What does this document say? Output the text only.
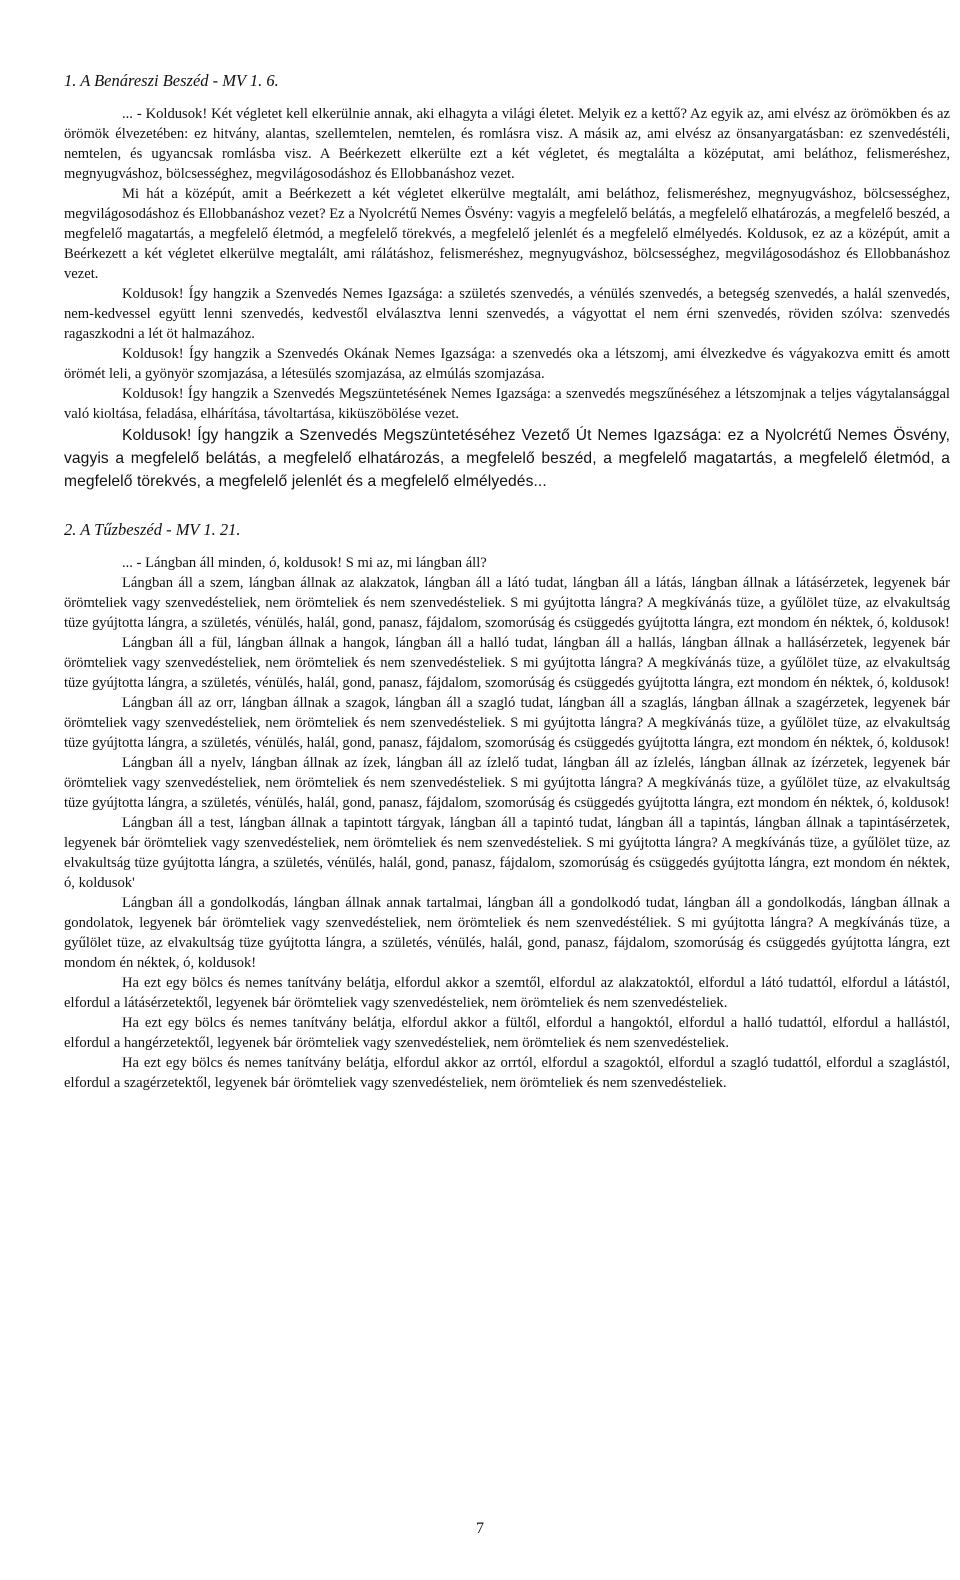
1. A Benáreszi Beszéd - MV 1. 6.

... - Koldusok! Két végletet kell elkerülnie annak, aki elhagyta a világi életet. Melyik ez a kettő? Az egyik az, ami elvész az örömökben és az örömök élvezetében: ez hitvány, alantas, szellemtelen, nemtelen, és romlásra visz. A másik az, ami elvész az önsanyargatásban: ez szenvedéstéli, nemtelen, és ugyancsak romlásba visz. A Beérkezett elkerülte ezt a két végletet, és megtalálta a középutat, ami beláthoz, felismeréshez, megnyugváshoz, bölcsességhez, megvilágosodáshoz és Ellobbanáshoz vezet.

Mi hát a középút, amit a Beérkezett a két végletet elkerülve megtalált, ami beláthoz, felismeréshez, megnyugváshoz, bölcsességhez, megvilágosodáshoz és Ellobbanáshoz vezet? Ez a Nyolcrétű Nemes Ösvény: vagyis a megfelelő belátás, a megfelelő elhatározás, a megfelelő beszéd, a megfelelő magatartás, a megfelelő életmód, a megfelelő törekvés, a megfelelő jelenlét és a megfelelő elmélyedés. Koldusok, ez az a középút, amit a Beérkezett a két végletet elkerülve megtalált, ami rálátáshoz, felismeréshez, megnyugváshoz, bölcsességhez, megvilágosodáshoz és Ellobbanáshoz vezet.

Koldusok! Így hangzik a Szenvedés Nemes Igazsága: a születés szenvedés, a vénülés szenvedés, a betegség szenvedés, a halál szenvedés, nem-kedvessel együtt lenni szenvedés, kedvestől elválasztva lenni szenvedés, a vágyottat el nem érni szenvedés, röviden szólva: szenvedés ragaszkodni a lét öt halmazához.

Koldusok! Így hangzik a Szenvedés Okának Nemes Igazsága: a szenvedés oka a létszomj, ami élvezkedve és vágyakozva emitt és amott örömét leli, a gyönyör szomjazása, a létesülés szomjazása, az elmúlás szomjazása.

Koldusok! Így hangzik a Szenvedés Megszüntetésének Nemes Igazsága: a szenvedés megszűnéséhez a létszomjnak a teljes vágytalansággal való kioltása, feladása, elhárítása, távoltartása, kiküszöbölése vezet.

Koldusok! Így hangzik a Szenvedés Megszüntetéséhez Vezető Út Nemes Igazsága: ez a Nyolcrétű Nemes Ösvény, vagyis a megfelelő belátás, a megfelelő elhatározás, a megfelelő beszéd, a megfelelő magatartás, a megfelelő életmód, a megfelelő törekvés, a megfelelő jelenlét és a megfelelő elmélyedés...

2. A Tűzbeszéd - MV 1. 21.

... - Lángban áll minden, ó, koldusok! S mi az, mi lángban áll?

Lángban áll a szem, lángban állnak az alakzatok, lángban áll a látó tudat, lángban áll a látás, lángban állnak a látásérzetek, legyenek bár örömteliek vagy szenvedésteliek, nem örömteliek és nem szenvedésteliek. S mi gyújtotta lángra? A megkívánás tüze, a gyűlölet tüze, az elvakultság tüze gyújtotta lángra, a születés, vénülés, halál, gond, panasz, fájdalom, szomorúság és csüggedés gyújtotta lángra, ezt mondom én néktek, ó, koldusok!

Lángban áll a fül, lángban állnak a hangok, lángban áll a halló tudat, lángban áll a hallás, lángban állnak a hallásérzetek, legyenek bár örömteliek vagy szenvedésteliek, nem örömteliek és nem szenvedésteliek. S mi gyújtotta lángra? A megkívánás tüze, a gyűlölet tüze, az elvakultság tüze gyújtotta lángra, a születés, vénülés, halál, gond, panasz, fájdalom, szomorúság és csüggedés gyújtotta lángra, ezt mondom én néktek, ó, koldusok!

Lángban áll az orr, lángban állnak a szagok, lángban áll a szagló tudat, lángban áll a szaglás, lángban állnak a szagérzetek, legyenek bár örömteliek vagy szenvedésteliek, nem örömteliek és nem szenvedésteliek. S mi gyújtotta lángra? A megkívánás tüze, a gyűlölet tüze, az elvakultság tüze gyújtotta lángra, a születés, vénülés, halál, gond, panasz, fájdalom, szomorúság és csüggedés gyújtotta lángra, ezt mondom én néktek, ó, koldusok!

Lángban áll a nyelv, lángban állnak az ízek, lángban áll az ízlelő tudat, lángban áll az ízlelés, lángban állnak az ízérzetek, legyenek bár örömteliek vagy szenvedésteliek, nem örömteliek és nem szenvedésteliek. S mi gyújtotta lángra? A megkívánás tüze, a gyűlölet tüze, az elvakultság tüze gyújtotta lángra, a születés, vénülés, halál, gond, panasz, fájdalom, szomorúság és csüggedés gyújtotta lángra, ezt mondom én néktek, ó, koldusok!

Lángban áll a test, lángban állnak a tapintott tárgyak, lángban áll a tapintó tudat, lángban áll a tapintás, lángban állnak a tapintásérzetek, legyenek bár örömteliek vagy szenvedésteliek, nem örömteliek és nem szenvedésteliek. S mi gyújtotta lángra? A megkívánás tüze, a gyűlölet tüze, az elvakultság tüze gyújtotta lángra, a születés, vénülés, halál, gond, panasz, fájdalom, szomorúság és csüggedés gyújtotta lángra, ezt mondom én néktek, ó, koldusok'

Lángban áll a gondolkodás, lángban állnak annak tartalmai, lángban áll a gondolkodó tudat, lángban áll a gondolkodás, lángban állnak a gondolatok, legyenek bár örömteliek vagy szenvedésteliek, nem örömteliek és nem szenvedéstéliek. S mi gyújtotta lángra? A megkívánás tüze, a gyűlölet tüze, az elvakultság tüze gyújtotta lángra, a születés, vénülés, halál, gond, panasz, fájdalom, szomorúság és csüggedés gyújtotta lángra, ezt mondom én néktek, ó, koldusok!

Ha ezt egy bölcs és nemes tanítvány belátja, elfordul akkor a szemtől, elfordul az alakzatoktól, elfordul a látó tudattól, elfordul a látástól, elfordul a látásérzetektől, legyenek bár örömteliek vagy szenvedésteliek, nem örömteliek és nem szenvedésteliek.

Ha ezt egy bölcs és nemes tanítvány belátja, elfordul akkor a fültől, elfordul a hangoktól, elfordul a halló tudattól, elfordul a hallástól, elfordul a hangérzetektől, legyenek bár örömteliek vagy szenvedésteliek, nem örömteliek és nem szenvedésteliek.

Ha ezt egy bölcs és nemes tanítvány belátja, elfordul akkor az orrtól, elfordul a szagoktól, elfordul a szagló tudattól, elfordul a szaglástól, elfordul a szagérzetektől, legyenek bár örömteliek vagy szenvedésteliek, nem örömteliek és nem szenvedésteliek.

7
